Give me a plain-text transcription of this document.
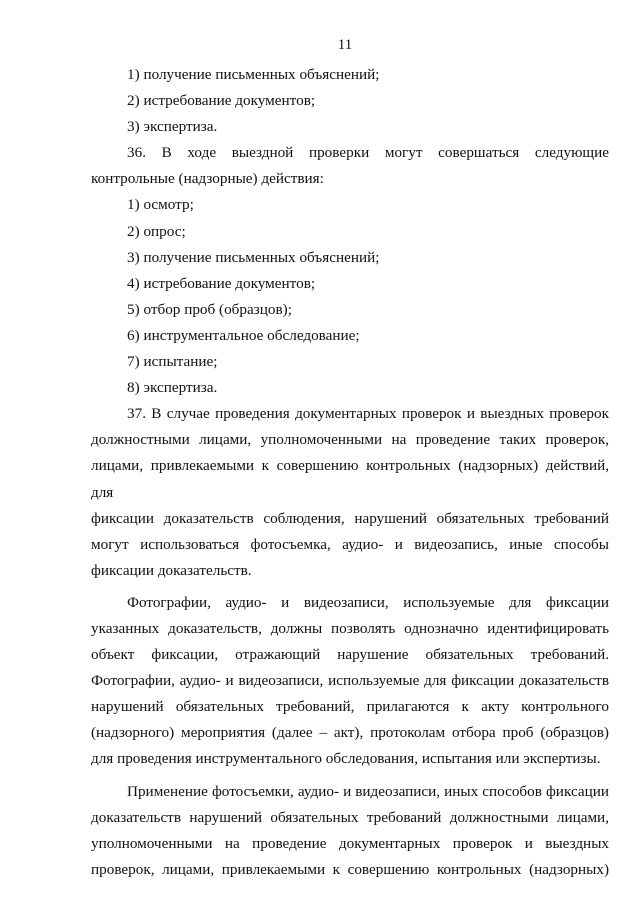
11
1) получение письменных объяснений;
2) истребование документов;
3) экспертиза.
36. В ходе выездной проверки могут совершаться следующие
контрольные (надзорные) действия:
1) осмотр;
2) опрос;
3) получение письменных объяснений;
4) истребование документов;
5) отбор проб (образцов);
6) инструментальное обследование;
7) испытание;
8) экспертиза.
37. В случае проведения документарных проверок и выездных проверок
должностными лицами, уполномоченными на проведение таких проверок,
лицами, привлекаемыми к совершению контрольных (надзорных) действий, для
фиксации доказательств соблюдения, нарушений обязательных требований
могут использоваться фотосъемка, аудио- и видеозапись, иные способы
фиксации доказательств.
Фотографии, аудио- и видеозаписи, используемые для фиксации
указанных доказательств, должны позволять однозначно идентифицировать
объект фиксации, отражающий нарушение обязательных требований.
Фотографии, аудио- и видеозаписи, используемые для фиксации доказательств
нарушений обязательных требований, прилагаются к акту контрольного
(надзорного) мероприятия (далее – акт), протоколам отбора проб (образцов)
для проведения инструментального обследования, испытания или экспертизы.
Применение фотосъемки, аудио- и видеозаписи, иных способов фиксации
доказательств нарушений обязательных требований должностными лицами,
уполномоченными на проведение документарных проверок и выездных
проверок, лицами, привлекаемыми к совершению контрольных (надзорных)
